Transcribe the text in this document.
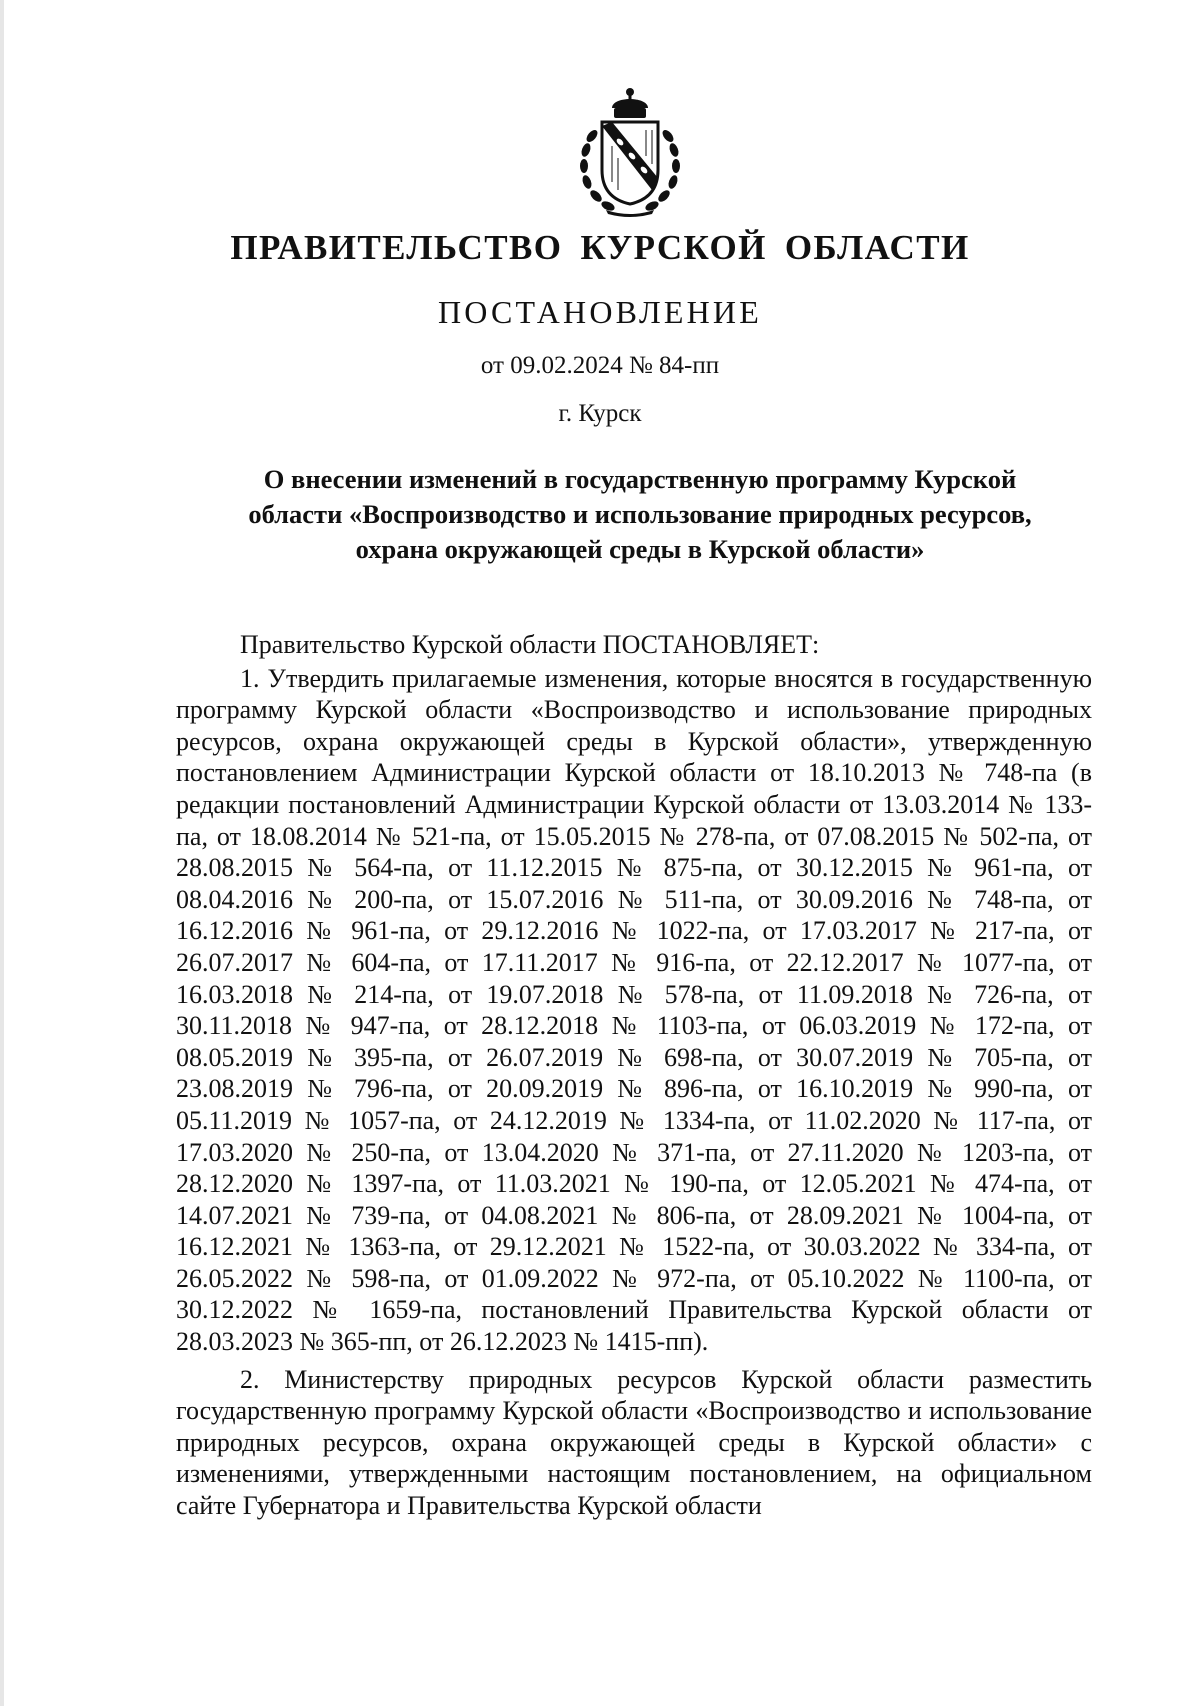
ПРАВИТЕЛЬСТВО КУРСКОЙ ОБЛАСТИ
ПОСТАНОВЛЕНИЕ
от 09.02.2024 № 84-пп
г. Курск
О внесении изменений в государственную программу Курской
области «Воспроизводство и использование природных ресурсов,
охрана окружающей среды в Курской области»

Правительство Курской области ПОСТАНОВЛЯЕТ:

1. Утвердить прилагаемые изменения, которые вносятся в государственную программу Курской области «Воспроизводство и использование природных ресурсов, охрана окружающей среды в Курской области», утвержденную постановлением Администрации Курской области от 18.10.2013 № 748-па (в редакции постановлений Администрации Курской области от 13.03.2014 № 133-па, от 18.08.2014 № 521-па, от 15.05.2015 № 278-па, от 07.08.2015 № 502-па, от 28.08.2015 № 564-па, от 11.12.2015 № 875-па, от 30.12.2015 № 961-па, от 08.04.2016 № 200-па, от 15.07.2016 № 511-па, от 30.09.2016 № 748-па, от 16.12.2016 № 961-па, от 29.12.2016 № 1022-па, от 17.03.2017 № 217-па, от 26.07.2017 № 604-па, от 17.11.2017 № 916-па, от 22.12.2017 № 1077-па, от 16.03.2018 № 214-па, от 19.07.2018 № 578-па, от 11.09.2018 № 726-па, от 30.11.2018 № 947-па, от 28.12.2018 № 1103-па, от 06.03.2019 № 172-па, от 08.05.2019 № 395-па, от 26.07.2019 № 698-па, от 30.07.2019 № 705-па, от 23.08.2019 № 796-па, от 20.09.2019 № 896-па, от 16.10.2019 № 990-па, от 05.11.2019 № 1057-па, от 24.12.2019 № 1334-па, от 11.02.2020 № 117-па, от 17.03.2020 № 250-па, от 13.04.2020 № 371-па, от 27.11.2020 № 1203-па, от 28.12.2020 № 1397-па, от 11.03.2021 № 190-па, от 12.05.2021 № 474-па, от 14.07.2021 № 739-па, от 04.08.2021 № 806-па, от 28.09.2021 № 1004-па, от 16.12.2021 № 1363-па, от 29.12.2021 № 1522-па, от 30.03.2022 № 334-па, от 26.05.2022 № 598-па, от 01.09.2022 № 972-па, от 05.10.2022 № 1100-па, от 30.12.2022 № 1659-па, постановлений Правительства Курской области от 28.03.2023 № 365-пп, от 26.12.2023 № 1415-пп).

2. Министерству природных ресурсов Курской области разместить государственную программу Курской области «Воспроизводство и использование природных ресурсов, охрана окружающей среды в Курской области» с изменениями, утвержденными настоящим постановлением, на официальном сайте Губернатора и Правительства Курской области
